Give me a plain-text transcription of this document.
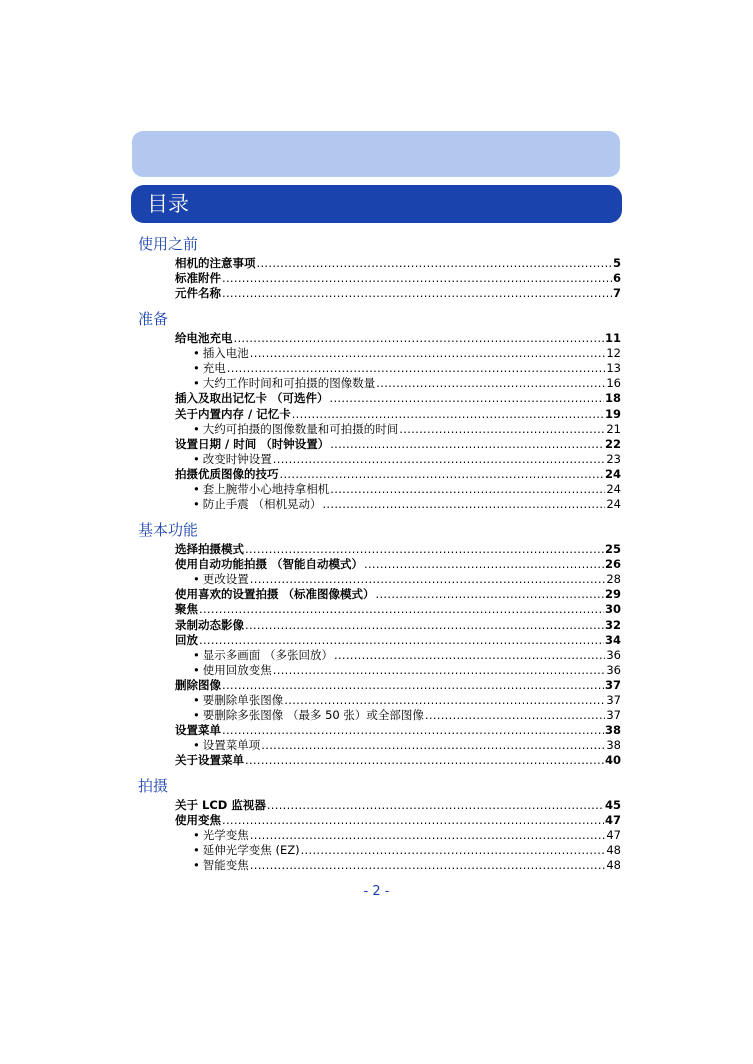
目录
使用之前
相机的注意事项 .....	5
标准附件 .....	6
元件名称 .....	7
准备
给电池充电 .....	11
• 插入电池 .....	12
• 充电 .....	13
• 大约工作时间和可拍摄的图像数量 .....	16
插入及取出记忆卡 （可选件） .....	18
关于内置内存 / 记忆卡 .....	19
• 大约可拍摄的图像数量和可拍摄的时间 .....	21
设置日期 / 时间 （时钟设置） .....	22
• 改变时钟设置 .....	23
拍摄优质图像的技巧 .....	24
• 套上腕带小心地持拿相机 .....	24
• 防止手震 （相机晃动） .....	24
基本功能
选择拍摄模式 .....	25
使用自动功能拍摄 （智能自动模式） .....	26
• 更改设置 .....	28
使用喜欢的设置拍摄 （标准图像模式） .....	29
聚焦 .....	30
录制动态影像 .....	32
回放 .....	34
• 显示多画面 （多张回放） .....	36
• 使用回放变焦 .....	36
删除图像 .....	37
• 要删除单张图像 .....	37
• 要删除多张图像 （最多 50 张）或全部图像 .....	37
设置菜单 .....	38
• 设置菜单项 .....	38
关于设置菜单 .....	40
拍摄
关于 LCD 监视器 .....	45
使用变焦 .....	47
• 光学变焦 .....	47
• 延伸光学变焦 (EZ) .....	48
• 智能变焦 .....	48
- 2 -
